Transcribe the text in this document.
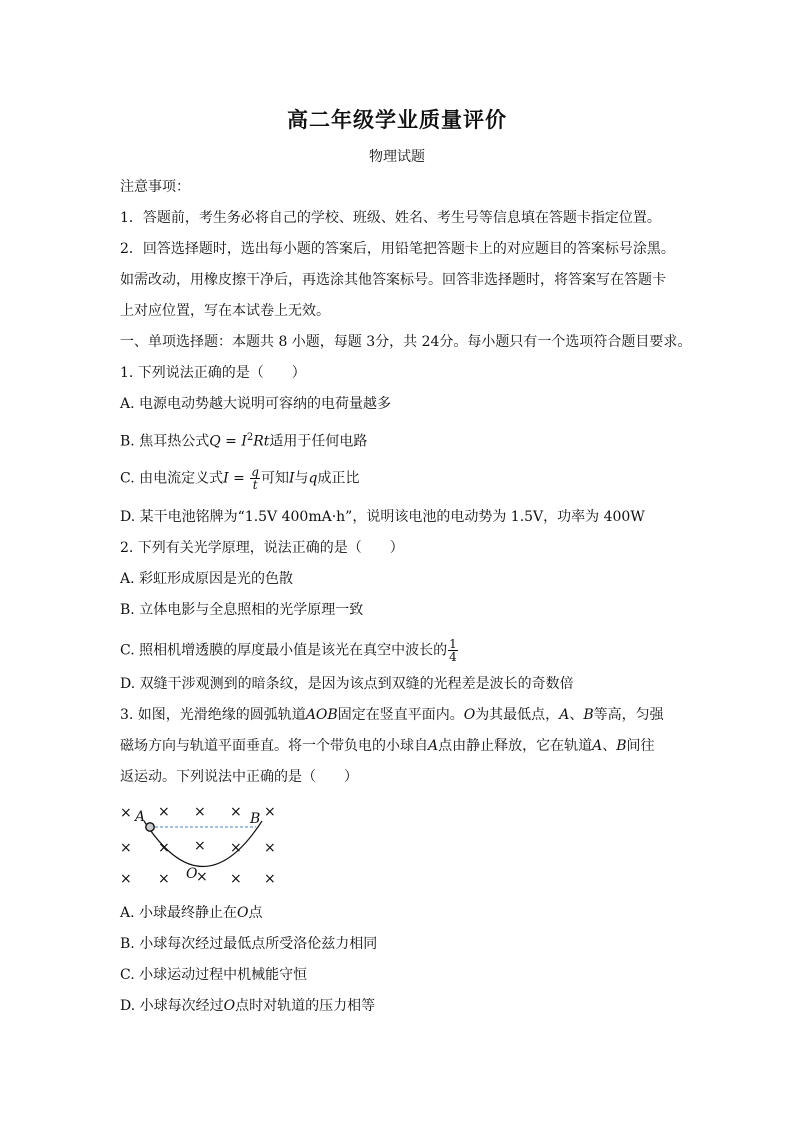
高二年级学业质量评价
物理试题
注意事项：
1．答题前，考生务必将自己的学校、班级、姓名、考生号等信息填在答题卡指定位置。
2．回答选择题时，选出每小题的答案后，用铅笔把答题卡上的对应题目的答案标号涂黑。
如需改动，用橡皮擦干净后，再选涂其他答案标号。回答非选择题时，将答案写在答题卡
上对应位置，写在本试卷上无效。
一、单项选择题：本题共 8 小题，每题 3分，共 24分。每小题只有一个选项符合题目要求。
1. 下列说法正确的是（　　）
A. 电源电动势越大说明可容纳的电荷量越多
B. 焦耳热公式$Q = I^2Rt$适用于任何电路
C. 由电流定义式$I = \frac{q}{t}$ 可知I与q成正比
D. 某干电池铭牌为“1.5V 400mA·h”，说明该电池的电动势为 1.5V，功率为 400W
2. 下列有关光学原理，说法正确的是（　　）
A. 彩虹形成原因是光的色散
B. 立体电影与全息照相的光学原理一致
C. 照相机增透膜的厚度最小值是该光在真空中波长的 $\frac{1}{4}$
D. 双缝干涉观测到的暗条纹，是因为该点到双缝的光程差是波长的奇数倍
3. 如图，光滑绝缘的圆弧轨道AOB固定在竖直平面内。O为其最低点，A、B等高，匀强
磁场方向与轨道平面垂直。将一个带负电的小球自A点由静止释放，它在轨道A、B间往
返运动。下列说法中正确的是（　　）
× × × × ×
× × × × ×
× × × × ×
A	B
O
A. 小球最终静止在O点
B. 小球每次经过最低点所受洛伦兹力相同
C. 小球运动过程中机械能守恒
D. 小球每次经过O点时对轨道的压力相等
